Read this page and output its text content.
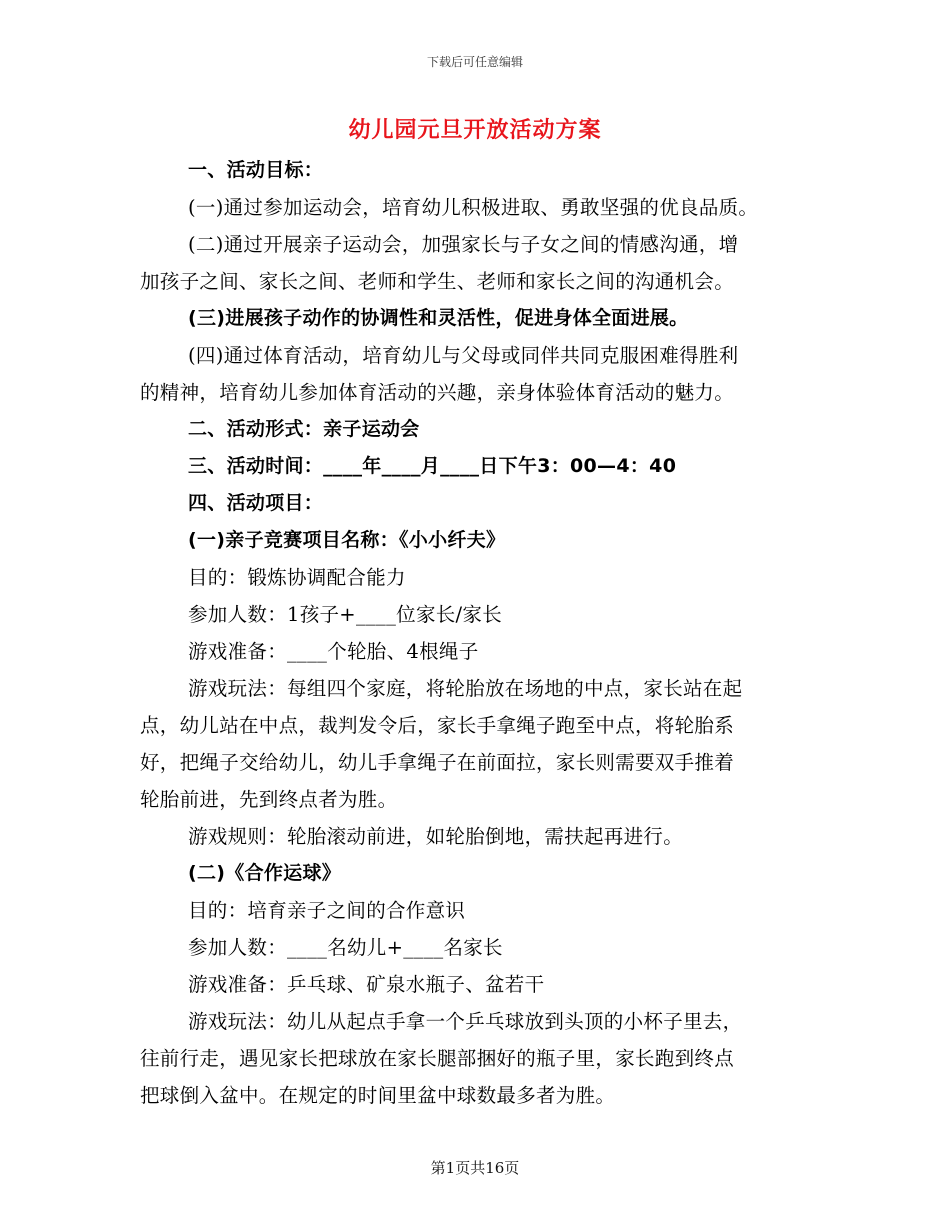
下载后可任意编辑
幼儿园元旦开放活动方案
一、活动目标：
(一)通过参加运动会，培育幼儿积极进取、勇敢坚强的优良品质。
(二)通过开展亲子运动会，加强家长与子女之间的情感沟通，增
加孩子之间、家长之间、老师和学生、老师和家长之间的沟通机会。
(三)进展孩子动作的协调性和灵活性，促进身体全面进展。
(四)通过体育活动，培育幼儿与父母或同伴共同克服困难得胜利
的精神，培育幼儿参加体育活动的兴趣，亲身体验体育活动的魅力。
二、活动形式：亲子运动会
三、活动时间：____年____月____日下午3：00—4：40
四、活动项目：
(一)亲子竞赛项目名称：《小小纤夫》
目的：锻炼协调配合能力
参加人数：1孩子+____位家长/家长
游戏准备：____个轮胎、4根绳子
游戏玩法：每组四个家庭，将轮胎放在场地的中点，家长站在起
点，幼儿站在中点，裁判发令后，家长手拿绳子跑至中点，将轮胎系
好，把绳子交给幼儿，幼儿手拿绳子在前面拉，家长则需要双手推着
轮胎前进，先到终点者为胜。
游戏规则：轮胎滚动前进，如轮胎倒地，需扶起再进行。
(二)《合作运球》
目的：培育亲子之间的合作意识
参加人数：____名幼儿+____名家长
游戏准备：乒乓球、矿泉水瓶子、盆若干
游戏玩法：幼儿从起点手拿一个乒乓球放到头顶的小杯子里去，
往前行走，遇见家长把球放在家长腿部捆好的瓶子里，家长跑到终点
把球倒入盆中。在规定的时间里盆中球数最多者为胜。
第1页共16页
